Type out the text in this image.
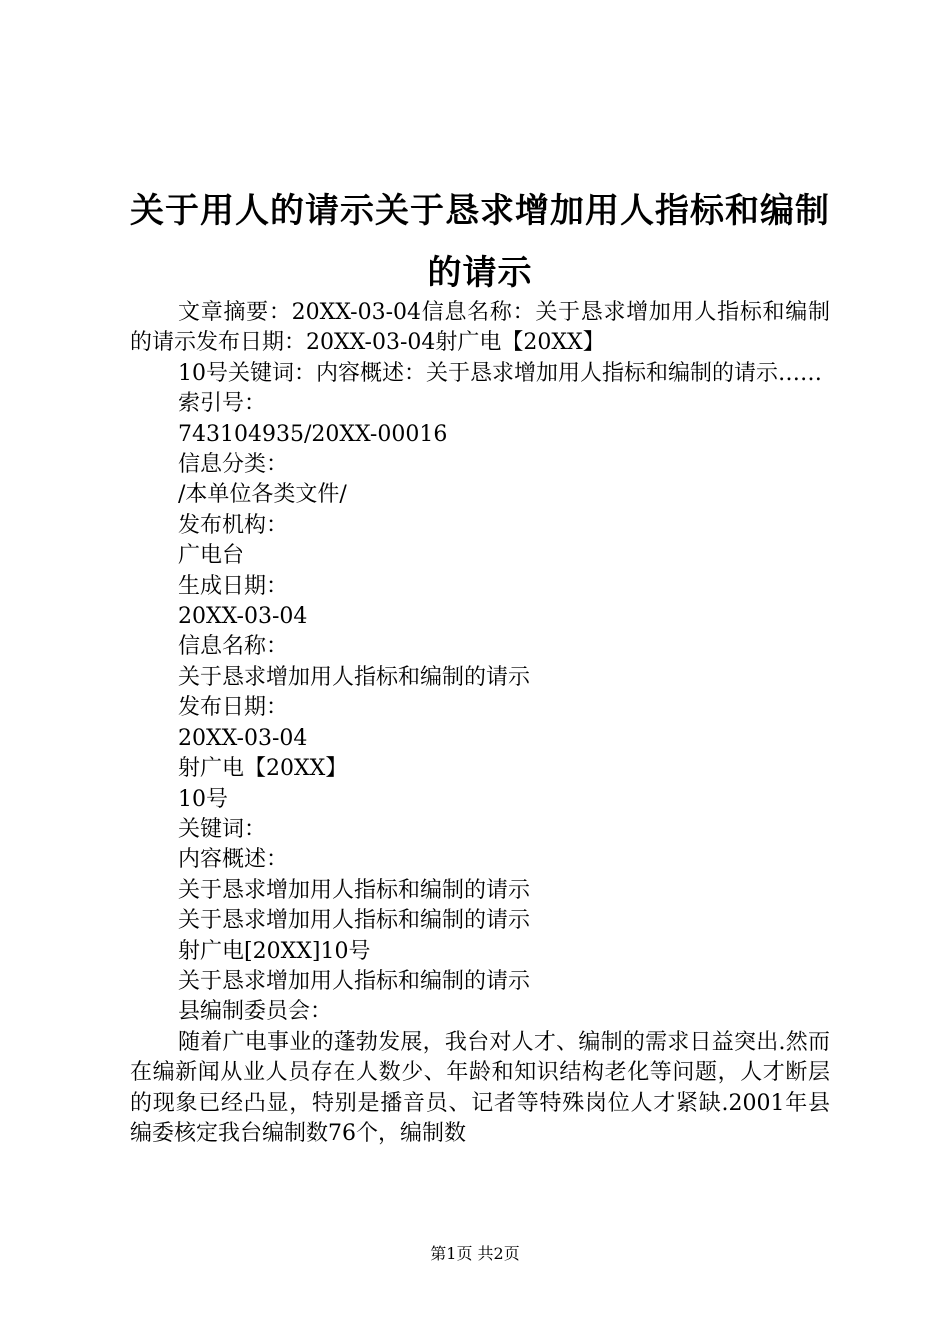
关于用人的请示关于恳求增加用人指标和编制
的请示

文章摘要：20XX-03-04信息名称：关于恳求增加用人指标和编制的请示发布日期：20XX-03-04射广电【20XX】

10号关键词：内容概述：关于恳求增加用人指标和编制的请示……

索引号：

743104935/20XX-00016

信息分类：

/本单位各类文件/

发布机构：

广电台

生成日期：

20XX-03-04

信息名称：

关于恳求增加用人指标和编制的请示

发布日期：

20XX-03-04

射广电【20XX】

10号

关键词：

内容概述：

关于恳求增加用人指标和编制的请示

关于恳求增加用人指标和编制的请示

射广电[20XX]10号

关于恳求增加用人指标和编制的请示

县编制委员会：

随着广电事业的蓬勃发展，我台对人才、编制的需求日益突出.然而在编新闻从业人员存在人数少、年龄和知识结构老化等问题，人才断层的现象已经凸显，特别是播音员、记者等特殊岗位人才紧缺.2001年县编委核定我台编制数76个，编制数

第1页 共2页
